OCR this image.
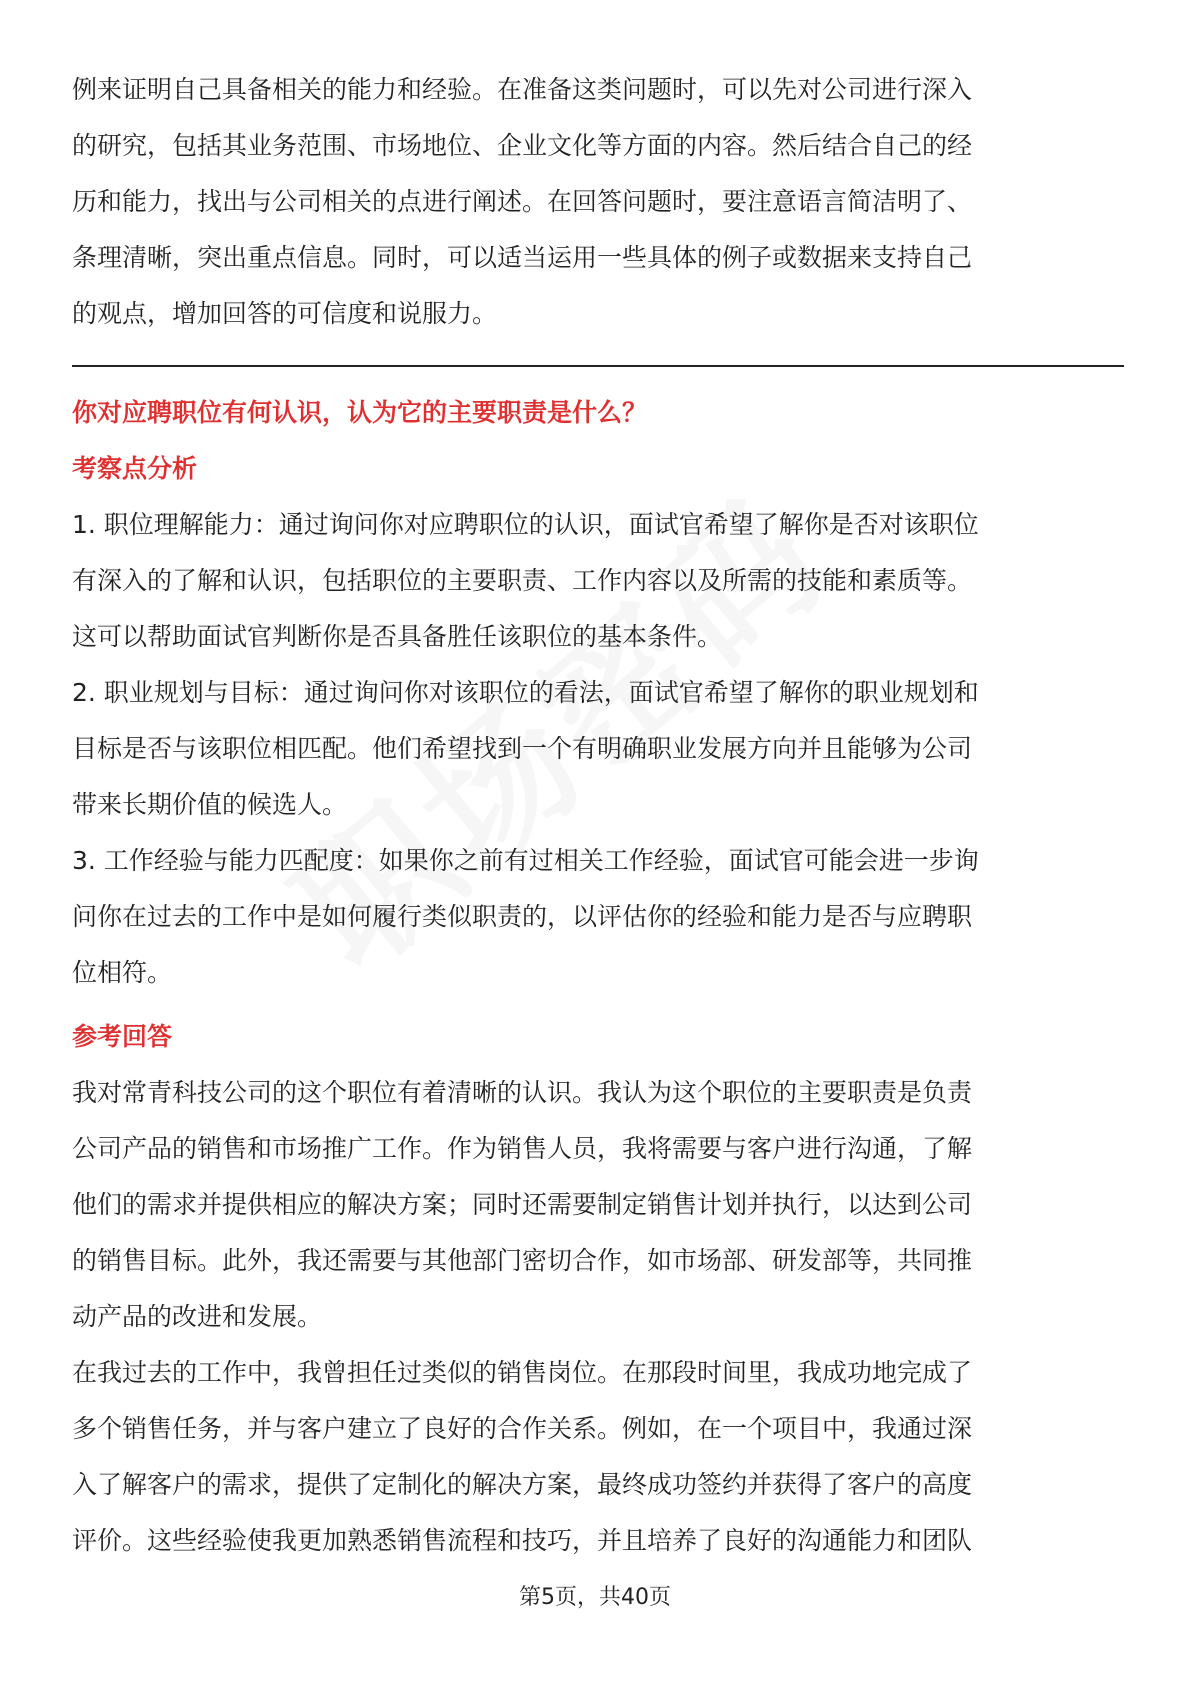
例来证明自己具备相关的能力和经验。在准备这类问题时，可以先对公司进行深入
的研究，包括其业务范围、市场地位、企业文化等方面的内容。然后结合自己的经
历和能力，找出与公司相关的点进行阐述。在回答问题时，要注意语言简洁明了、
条理清晰，突出重点信息。同时，可以适当运用一些具体的例子或数据来支持自己
的观点，增加回答的可信度和说服力。

你对应聘职位有何认识，认为它的主要职责是什么？
考察点分析

1. 职位理解能力：通过询问你对应聘职位的认识，面试官希望了解你是否对该职位
有深入的了解和认识，包括职位的主要职责、工作内容以及所需的技能和素质等。
这可以帮助面试官判断你是否具备胜任该职位的基本条件。

2. 职业规划与目标：通过询问你对该职位的看法，面试官希望了解你的职业规划和
目标是否与该职位相匹配。他们希望找到一个有明确职业发展方向并且能够为公司
带来长期价值的候选人。

3. 工作经验与能力匹配度：如果你之前有过相关工作经验，面试官可能会进一步询
问你在过去的工作中是如何履行类似职责的，以评估你的经验和能力是否与应聘职
位相符。

参考回答

我对常青科技公司的这个职位有着清晰的认识。我认为这个职位的主要职责是负责
公司产品的销售和市场推广工作。作为销售人员，我将需要与客户进行沟通，了解
他们的需求并提供相应的解决方案；同时还需要制定销售计划并执行，以达到公司
的销售目标。此外，我还需要与其他部门密切合作，如市场部、研发部等，共同推
动产品的改进和发展。

在我过去的工作中，我曾担任过类似的销售岗位。在那段时间里，我成功地完成了
多个销售任务，并与客户建立了良好的合作关系。例如，在一个项目中，我通过深
入了解客户的需求，提供了定制化的解决方案，最终成功签约并获得了客户的高度
评价。这些经验使我更加熟悉销售流程和技巧，并且培养了良好的沟通能力和团队

第5页，共40页
